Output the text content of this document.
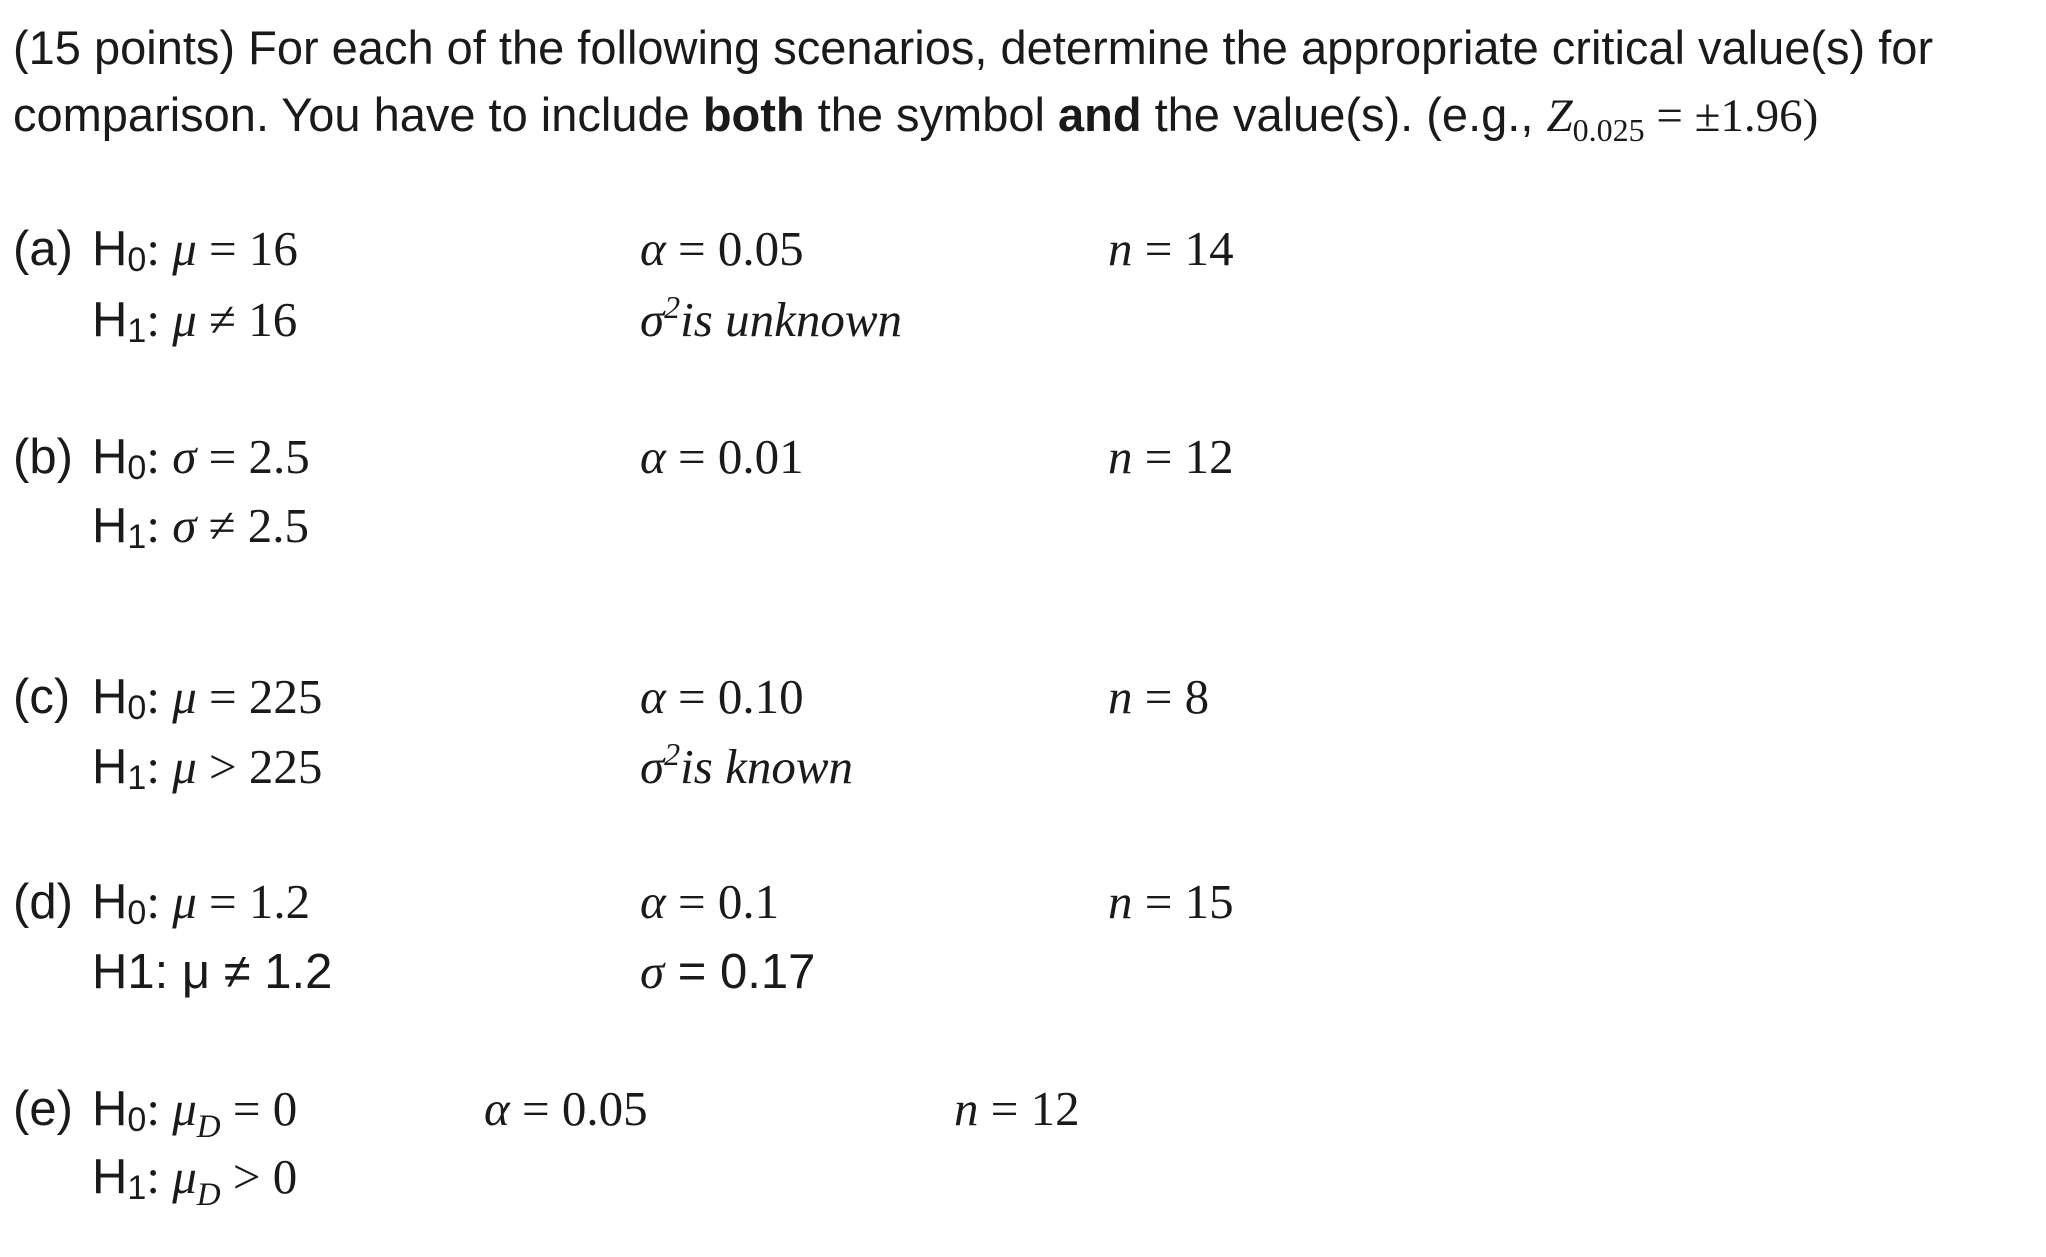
(15 points) For each of the following scenarios, determine the appropriate critical value(s) for comparison. You have to include both the symbol and the value(s). (e.g., $Z_{0.025} = \pm 1.96$)
(a) H0: μ = 16
H1: μ ≠ 16
α = 0.05
$\sigma^2is$ unknown
n = 14
(b) H0: σ = 2.5
H1: σ ≠ 2.5
α = 0.01	n = 12
(c) H0: μ = 225
H1: μ > 225
α = 0.10
$\sigma^2is$ known
n = 8
(d) H0: μ = 1.2
H1: μ ≠ 1.2
α = 0.1
σ = 0.17
n = 15
(e) H0: $\mu_D = 0$
H1: $\mu_D > 0$
α = 0.05	n = 12
